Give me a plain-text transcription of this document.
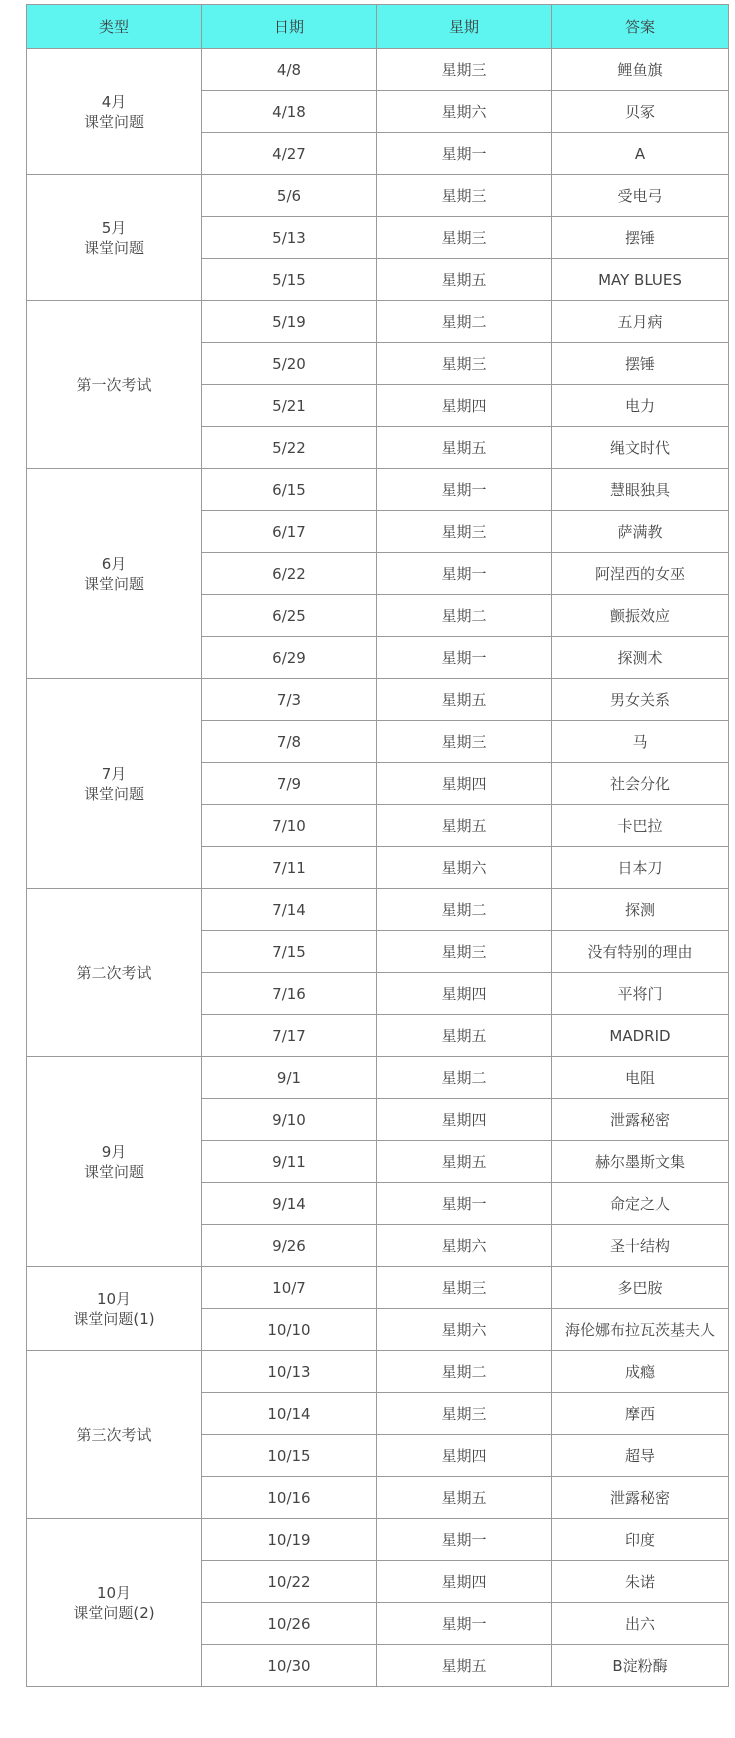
类型	日期	星期	答案

4月
课堂问题	4/8	星期三	鲤鱼旗
	4/18	星期六	贝冢
	4/27	星期一	A

5月
课堂问题	5/6	星期三	受电弓
	5/13	星期三	摆锤
	5/15	星期五	MAY BLUES

第一次考试	5/19	星期二	五月病
	5/20	星期三	摆锤
	5/21	星期四	电力
	5/22	星期五	绳文时代

6月
课堂问题	6/15	星期一	慧眼独具
	6/17	星期三	萨满教
	6/22	星期一	阿涅西的女巫
	6/25	星期二	颤振效应
	6/29	星期一	探测术

7月
课堂问题	7/3	星期五	男女关系
	7/8	星期三	马
	7/9	星期四	社会分化
	7/10	星期五	卡巴拉
	7/11	星期六	日本刀

第二次考试	7/14	星期二	探测
	7/15	星期三	没有特别的理由
	7/16	星期四	平将门
	7/17	星期五	MADRID

9月
课堂问题	9/1	星期二	电阻
	9/10	星期四	泄露秘密
	9/11	星期五	赫尔墨斯文集
	9/14	星期一	命定之人
	9/26	星期六	圣十结构

10月
课堂问题(1)	10/7	星期三	多巴胺
	10/10	星期六	海伦娜布拉瓦茨基夫人

第三次考试	10/13	星期二	成瘾
	10/14	星期三	摩西
	10/15	星期四	超导
	10/16	星期五	泄露秘密

10月
课堂问题(2)	10/19	星期一	印度
	10/22	星期四	朱诺
	10/26	星期一	出六
	10/30	星期五	B淀粉酶
